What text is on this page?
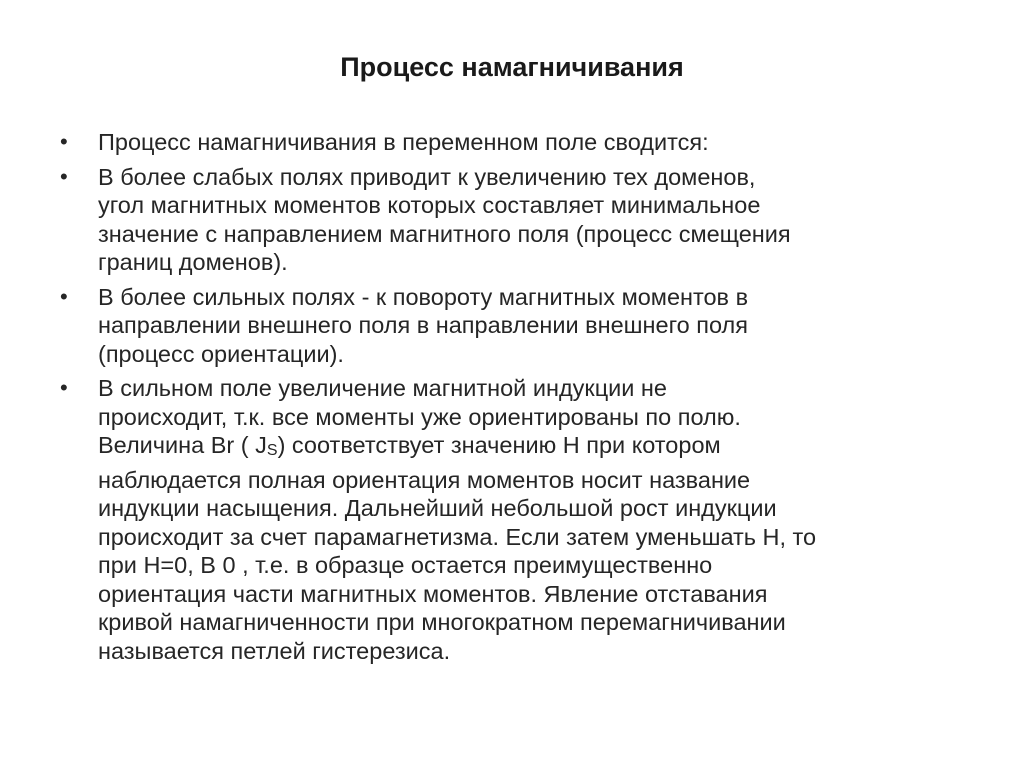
Процесс намагничивания
• Процесс намагничивания в переменном поле сводится:
• В более слабых полях приводит к увеличению тех доменов,
угол магнитных моментов которых составляет минимальное
значение с направлением магнитного поля (процесс смещения
границ доменов).
• В более сильных полях - к повороту магнитных моментов в
направлении внешнего поля в направлении внешнего поля
(процесс ориентации).
• В сильном поле увеличение магнитной индукции не
происходит, т.к. все моменты уже ориентированы по полю.
Величина Br ( JS) соответствует значению Н при котором
наблюдается полная ориентация моментов носит название
индукции насыщения. Дальнейший небольшой рост индукции
происходит за счет парамагнетизма. Если затем уменьшать Н, то
при Н=0, В 0 , т.е. в образце остается преимущественно
ориентация части магнитных моментов. Явление отставания
кривой намагниченности при многократном перемагничивании
называется петлей гистерезиса.
